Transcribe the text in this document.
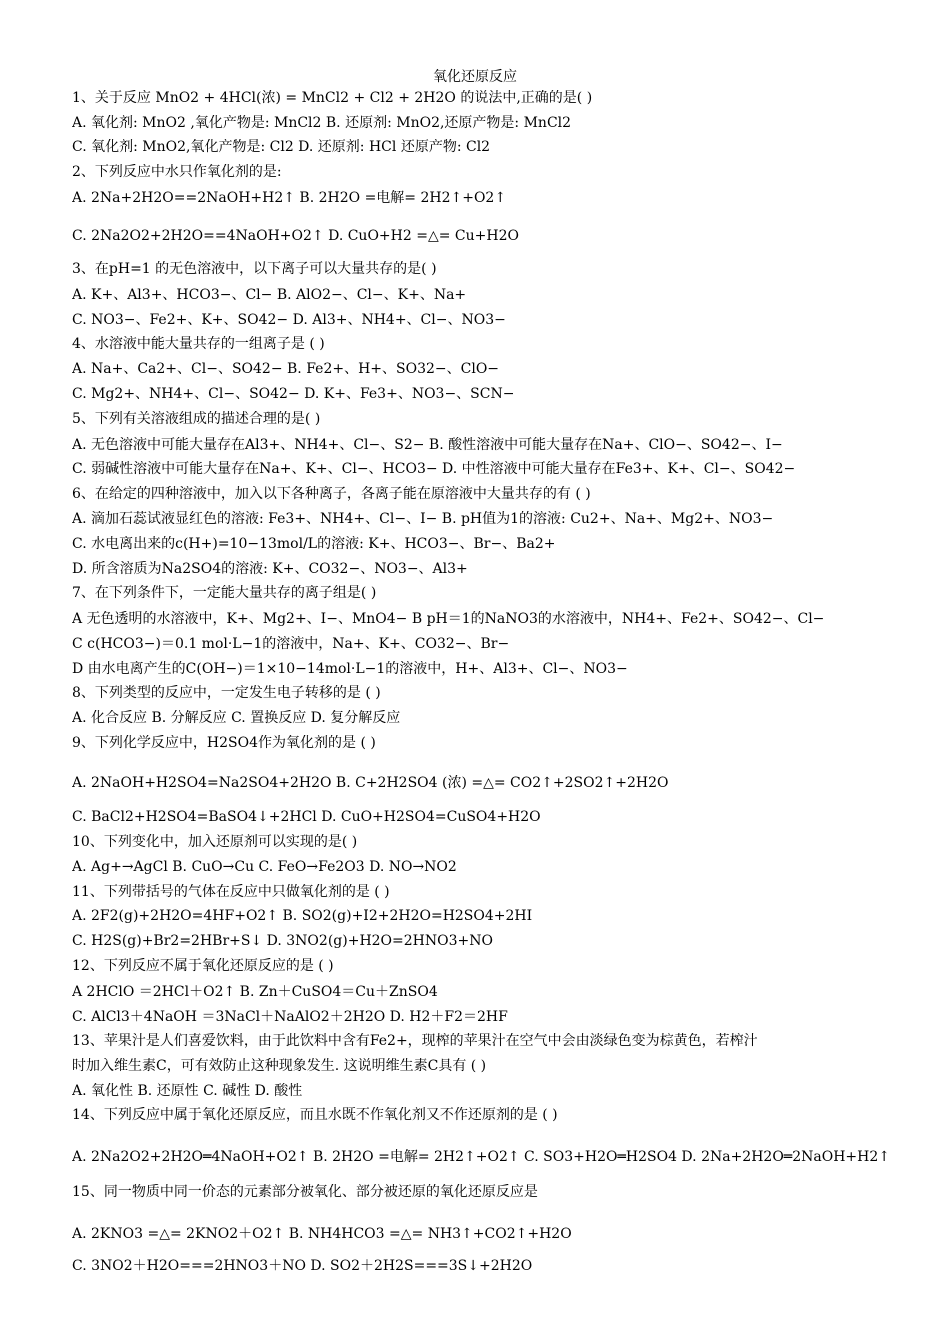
氧化还原反应
1、关于反应 MnO2 + 4HCl(浓) = MnCl2 + Cl2 + 2H2O 的说法中,正确的是( )
A. 氧化剂: MnO2 ,氧化产物是: MnCl2 B. 还原剂: MnO2,还原产物是: MnCl2
C. 氧化剂: MnO2,氧化产物是: Cl2 D. 还原剂: HCl 还原产物: Cl2
2、下列反应中水只作氧化剂的是:
A. 2Na+2H2O==2NaOH+H2↑ B. 2H2O =电解= 2H2↑+O2↑
C. 2Na2O2+2H2O==4NaOH+O2↑ D. CuO+H2 =△= Cu+H2O
3、在pH=1 的无色溶液中，以下离子可以大量共存的是( )
A. K+、Al3+、HCO3−、Cl− B. AlO2−、Cl−、K+、Na+
C. NO3−、Fe2+、K+、SO42− D. Al3+、NH4+、Cl−、NO3−
4、水溶液中能大量共存的一组离子是 ( )
A. Na+、Ca2+、Cl−、SO42− B. Fe2+、H+、SO32−、ClO−
C. Mg2+、NH4+、Cl−、SO42− D. K+、Fe3+、NO3−、SCN−
5、下列有关溶液组成的描述合理的是( )
A. 无色溶液中可能大量存在Al3+、NH4+、Cl−、S2− B. 酸性溶液中可能大量存在Na+、ClO−、SO42−、I−
C. 弱碱性溶液中可能大量存在Na+、K+、Cl−、HCO3− D. 中性溶液中可能大量存在Fe3+、K+、Cl−、SO42−
6、在给定的四种溶液中，加入以下各种离子，各离子能在原溶液中大量共存的有 ( )
A. 滴加石蕊试液显红色的溶液: Fe3+、NH4+、Cl−、I− B. pH值为1的溶液: Cu2+、Na+、Mg2+、NO3−
C. 水电离出来的c(H+)=10−13mol/L的溶液: K+、HCO3−、Br−、Ba2+
D. 所含溶质为Na2SO4的溶液: K+、CO32−、NO3−、Al3+
7、在下列条件下，一定能大量共存的离子组是( )
A 无色透明的水溶液中，K+、Mg2+、I−、MnO4− B pH＝1的NaNO3的水溶液中，NH4+、Fe2+、SO42−、Cl−
C c(HCO3−)＝0.1 mol·L−1的溶液中，Na+、K+、CO32−、Br−
D 由水电离产生的C(OH−)＝1×10−14mol·L−1的溶液中，H+、Al3+、Cl−、NO3−
8、下列类型的反应中，一定发生电子转移的是 ( )
A. 化合反应 B. 分解反应 C. 置换反应 D. 复分解反应
9、下列化学反应中，H2SO4作为氧化剂的是 ( )
A. 2NaOH+H2SO4=Na2SO4+2H2O B. C+2H2SO4 (浓) =△= CO2↑+2SO2↑+2H2O
C. BaCl2+H2SO4=BaSO4↓+2HCl D. CuO+H2SO4=CuSO4+H2O
10、下列变化中，加入还原剂可以实现的是( )
A. Ag+→AgCl B. CuO→Cu C. FeO→Fe2O3 D. NO→NO2
11、下列带括号的气体在反应中只做氧化剂的是 ( )
A. 2F2(g)+2H2O=4HF+O2↑ B. SO2(g)+I2+2H2O=H2SO4+2HI
C. H2S(g)+Br2=2HBr+S↓ D. 3NO2(g)+H2O=2HNO3+NO
12、下列反应不属于氧化还原反应的是 ( )
A 2HClO ＝2HCl＋O2↑ B. Zn＋CuSO4＝Cu＋ZnSO4
C. AlCl3＋4NaOH ＝3NaCl＋NaAlO2＋2H2O D. H2＋F2＝2HF
13、苹果汁是人们喜爱饮料，由于此饮料中含有Fe2+，现榨的苹果汁在空气中会由淡绿色变为棕黄色，若榨汁
时加入维生素C，可有效防止这种现象发生. 这说明维生素C具有 ( )
A. 氧化性 B. 还原性 C. 碱性 D. 酸性
14、下列反应中属于氧化还原反应，而且水既不作氧化剂又不作还原剂的是 ( )
A. 2Na2O2+2H2O═4NaOH+O2↑ B. 2H2O =电解= 2H2↑+O2↑ C. SO3+H2O═H2SO4 D. 2Na+2H2O═2NaOH+H2↑
15、同一物质中同一价态的元素部分被氧化、部分被还原的氧化还原反应是
A. 2KNO3 =△= 2KNO2＋O2↑ B. NH4HCO3 =△= NH3↑+CO2↑+H2O
C. 3NO2＋H2O===2HNO3＋NO D. SO2＋2H2S===3S↓+2H2O
